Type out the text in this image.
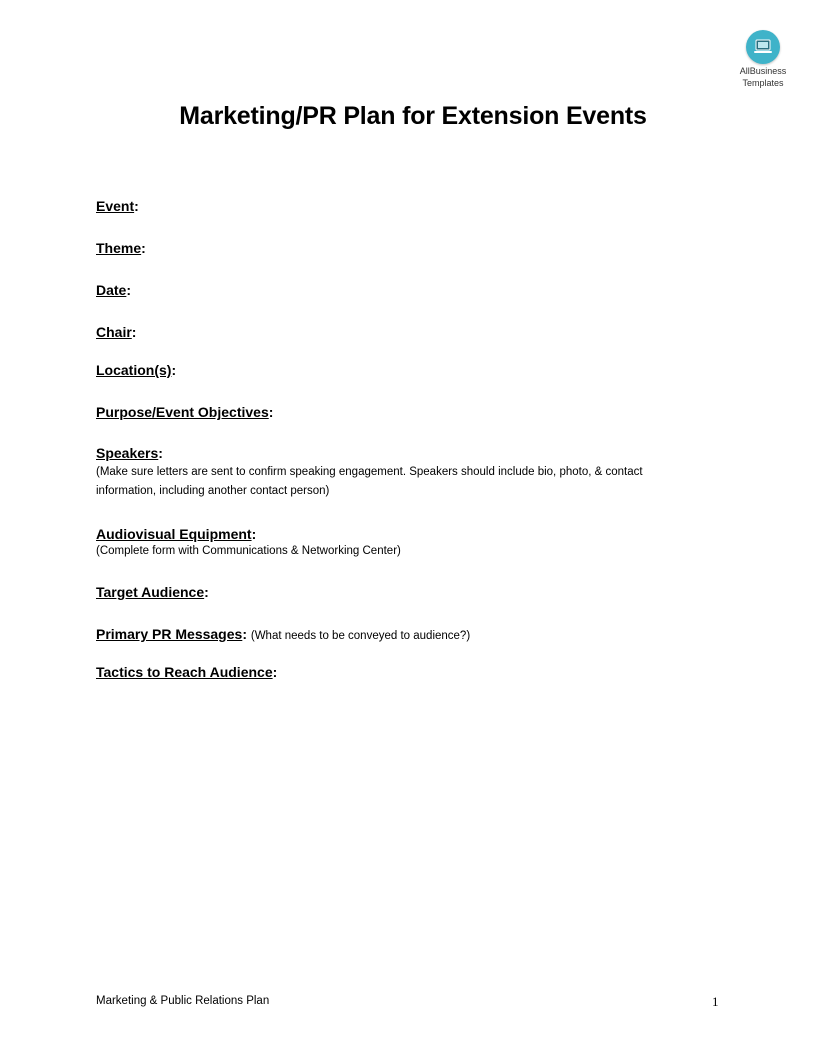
AllBusiness
Templates
Marketing/PR Plan for Extension Events
Event:
Theme:
Date:
Chair:
Location(s):
Purpose/Event Objectives:
Speakers:
(Make sure letters are sent to confirm speaking engagement. Speakers should include bio, photo, & contact information, including another contact person)
Audiovisual Equipment:
(Complete form with Communications & Networking Center)
Target Audience:
Primary PR Messages: (What needs to be conveyed to audience?)
Tactics to Reach Audience:
Marketing & Public Relations Plan	1
